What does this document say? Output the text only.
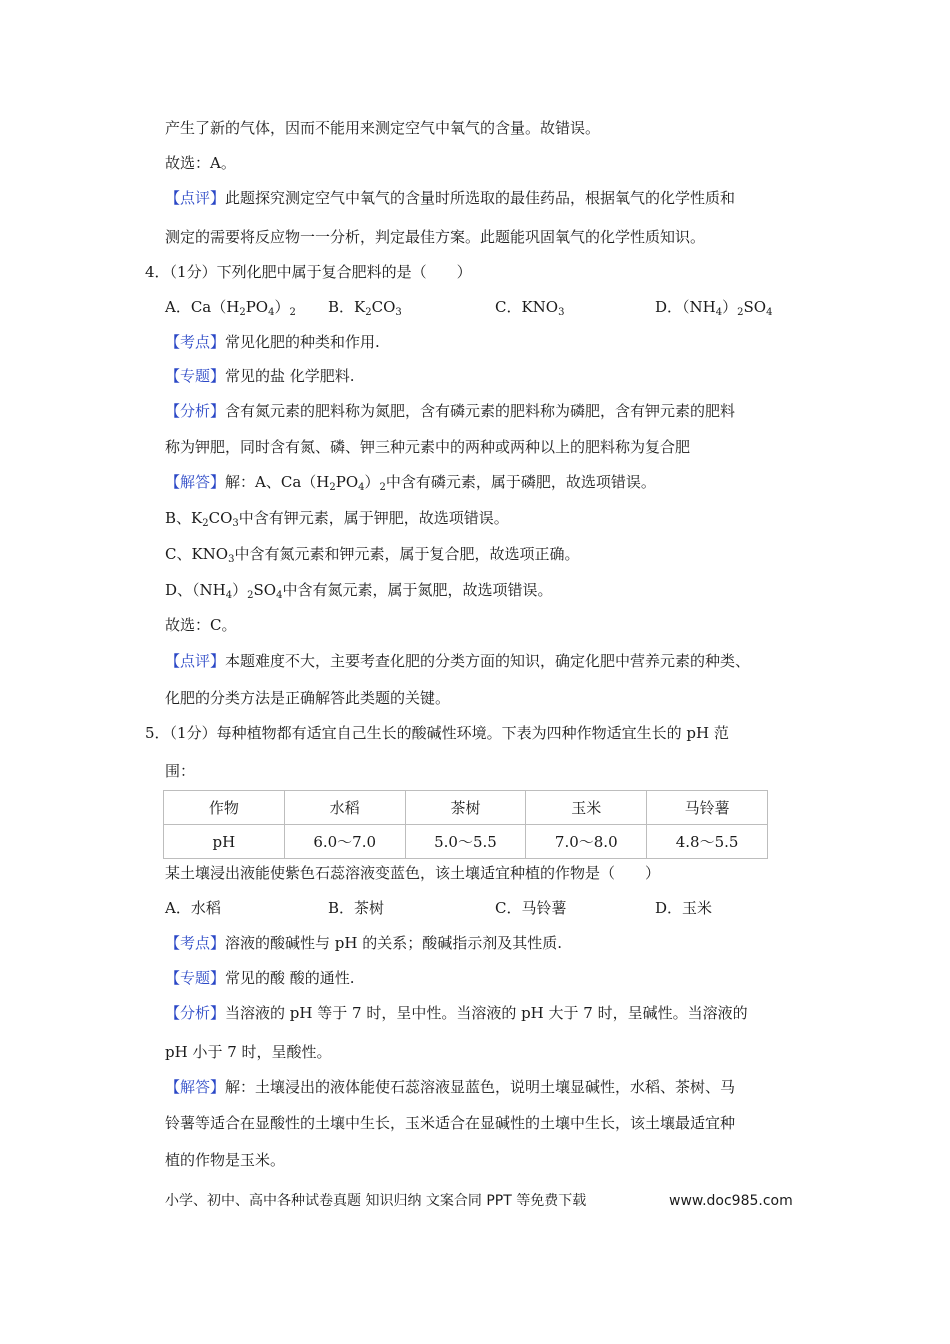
产生了新的气体，因而不能用来测定空气中氧气的含量。故错误。
故选：A。
【点评】此题探究测定空气中氧气的含量时所选取的最佳药品，根据氧气的化学性质和
测定的需要将反应物一一分析，判定最佳方案。此题能巩固氧气的化学性质知识。
4．（1分）下列化肥中属于复合肥料的是（　　）
A．$Ca(H_2PO_4)_2$ B．$K_2CO_3$	C．$KNO_3$	D．$(NH_4)_2SO_4$
【考点】常见化肥的种类和作用.
【专题】常见的盐 化学肥料.
【分析】含有氮元素的肥料称为氮肥，含有磷元素的肥料称为磷肥，含有钾元素的肥料
称为钾肥，同时含有氮、磷、钾三种元素中的两种或两种以上的肥料称为复合肥
【解答】解：A、$Ca(H_2PO_4)_2$中含有磷元素，属于磷肥，故选项错误。
B、$K_2CO_3$中含有钾元素，属于钾肥，故选项错误。
C、$KNO_3$中含有氮元素和钾元素，属于复合肥，故选项正确。
D、$(NH_4)_2SO_4$中含有氮元素，属于氮肥，故选项错误。
故选：C。
【点评】本题难度不大，主要考查化肥的分类方面的知识，确定化肥中营养元素的种类、
化肥的分类方法是正确解答此类题的关键。
5．（1分）每种植物都有适宜自己生长的酸碱性环境。下表为四种作物适宜生长的 pH 范
围：
作物	水稻	茶树	玉米	马铃薯
pH	6.0～7.0	5.0～5.5	7.0～8.0	4.8～5.5
某土壤浸出液能使紫色石蕊溶液变蓝色，该土壤适宜种植的作物是（　　）
A．水稻	B．茶树	C．马铃薯	D．玉米
【考点】溶液的酸碱性与 pH 的关系；酸碱指示剂及其性质.
【专题】常见的酸 酸的通性.
【分析】当溶液的 pH 等于 7 时，呈中性。当溶液的 pH 大于 7 时，呈碱性。当溶液的
pH 小于 7 时，呈酸性。
【解答】解：土壤浸出的液体能使石蕊溶液显蓝色，说明土壤显碱性，水稻、茶树、马
铃薯等适合在显酸性的土壤中生长，玉米适合在显碱性的土壤中生长，该土壤最适宜种
植的作物是玉米。
小学、初中、高中各种试卷真题 知识归纳 文案合同 PPT 等免费下载	www.doc985.com
